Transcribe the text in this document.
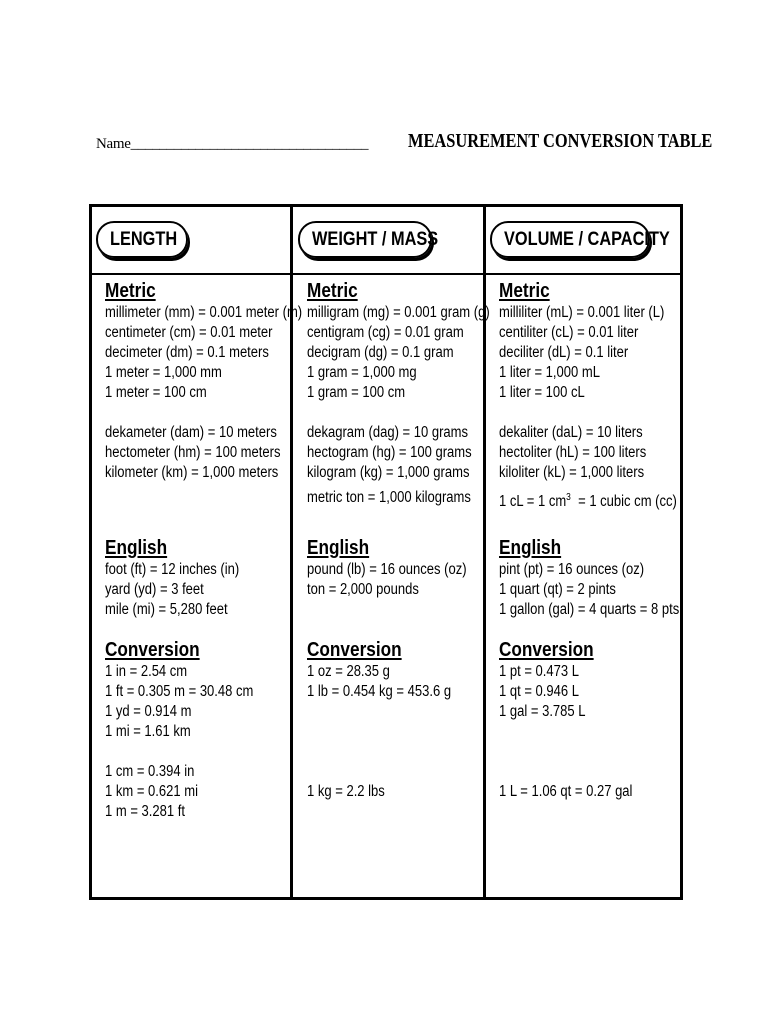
Name_________________________________ MEASUREMENT CONVERSION TABLE
LENGTH	WEIGHT / MASS	VOLUME / CAPACITY
Metric
millimeter (mm) = 0.001 meter (m)
centimeter (cm) = 0.01 meter
decimeter (dm) = 0.1 meters
1 meter = 1,000 mm
1 meter = 100 cm
dekameter (dam) = 10 meters
hectometer (hm) = 100 meters
kilometer (km) = 1,000 meters
English
foot (ft) = 12 inches (in)
yard (yd) = 3 feet
mile (mi) = 5,280 feet
Conversion
1 in = 2.54 cm
1 ft = 0.305 m = 30.48 cm
1 yd = 0.914 m
1 mi = 1.61 km
1 cm = 0.394 in
1 km = 0.621 mi
1 m = 3.281 ft
Metric
milligram (mg) = 0.001 gram (g)
centigram (cg) = 0.01 gram
decigram (dg) = 0.1 gram
1 gram = 1,000 mg
1 gram = 100 cm
dekagram (dag) = 10 grams
hectogram (hg) = 100 grams
kilogram (kg) = 1,000 grams
metric ton = 1,000 kilograms
English
pound (lb) = 16 ounces (oz)
ton = 2,000 pounds
Conversion
1 oz = 28.35 g
1 lb = 0.454 kg = 453.6 g
1 kg = 2.2 lbs
Metric
milliliter (mL) = 0.001 liter (L)
centiliter (cL) = 0.01 liter
deciliter (dL) = 0.1 liter
1 liter = 1,000 mL
1 liter = 100 cL
dekaliter (daL) = 10 liters
hectoliter (hL) = 100 liters
kiloliter (kL) = 1,000 liters
1 cL = 1 $cm^3 = 1$ cubic cm (cc)
English
pint (pt) = 16 ounces (oz)
1 quart (qt) = 2 pints
1 gallon (gal) = 4 quarts = 8 pts
Conversion
1 pt = 0.473 L
1 qt = 0.946 L
1 gal = 3.785 L
1 L = 1.06 qt = 0.27 gal
